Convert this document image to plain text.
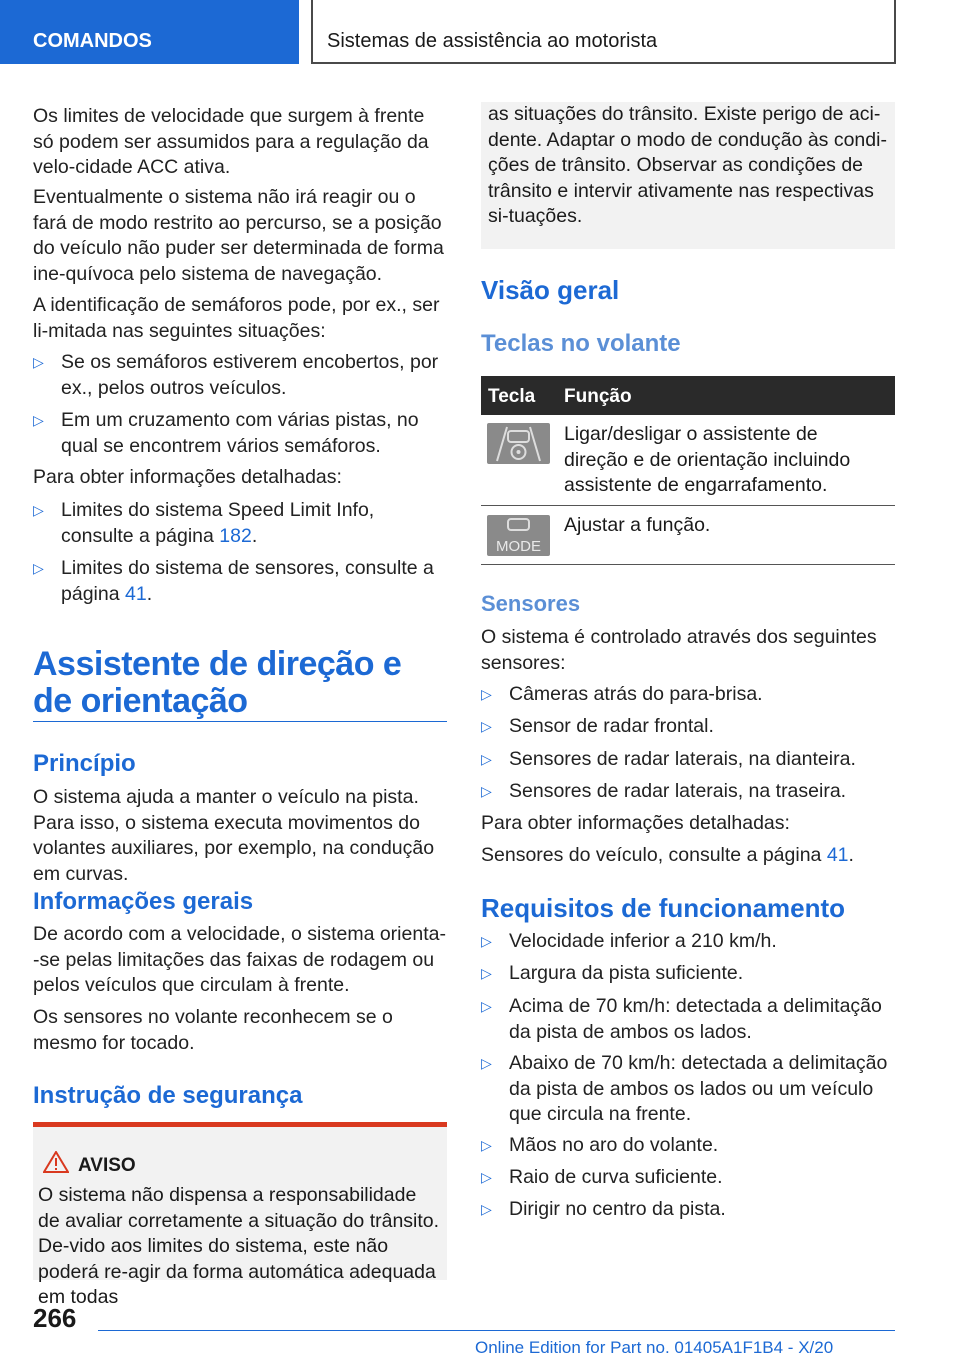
COMANDOS	Sistemas de assistência ao motorista
Os limites de velocidade que surgem à frente só podem ser assumidos para a regulação da velo-cidade ACC ativa.
Eventualmente o sistema não irá reagir ou o fará de modo restrito ao percurso, se a posição do veículo não puder ser determinada de forma ine-quívoca pelo sistema de navegação.
A identificação de semáforos pode, por ex., ser li-mitada nas seguintes situações:
▷ Se os semáforos estiverem encobertos, por ex., pelos outros veículos.
▷ Em um cruzamento com várias pistas, no qual se encontrem vários semáforos.
Para obter informações detalhadas:
▷ Limites do sistema Speed Limit Info, consulte a página 182.
▷ Limites do sistema de sensores, consulte a página 41.
Assistente de direção e de orientação
Princípio
O sistema ajuda a manter o veículo na pista. Para isso, o sistema executa movimentos do volantes auxiliares, por exemplo, na condução em curvas.
Informações gerais
De acordo com a velocidade, o sistema orienta--se pelas limitações das faixas de rodagem ou pelos veículos que circulam à frente.
Os sensores no volante reconhecem se o mesmo for tocado.
Instrução de segurança
AVISO
O sistema não dispensa a responsabilidade de avaliar corretamente a situação do trânsito. De-vido aos limites do sistema, este não poderá re-agir da forma automática adequada em todas
as situações do trânsito. Existe perigo de aci-dente. Adaptar o modo de condução às condi-ções de trânsito. Observar as condições de trânsito e intervir ativamente nas respectivas si-tuações.
Visão geral
Teclas no volante
Tecla Função
Ligar/desligar o assistente de direção e de orientação incluindo assistente de engarrafamento.
MODE
Ajustar a função.
Sensores
O sistema é controlado através dos seguintes sensores:
▷ Câmeras atrás do para-brisa.
▷ Sensor de radar frontal.
▷ Sensores de radar laterais, na dianteira.
▷ Sensores de radar laterais, na traseira.
Para obter informações detalhadas:
Sensores do veículo, consulte a página 41.
Requisitos de funcionamento
▷ Velocidade inferior a 210 km/h.
▷ Largura da pista suficiente.
▷ Acima de 70 km/h: detectada a delimitação da pista de ambos os lados.
▷ Abaixo de 70 km/h: detectada a delimitação da pista de ambos os lados ou um veículo que circula na frente.
▷ Mãos no aro do volante.
▷ Raio de curva suficiente.
▷ Dirigir no centro da pista.
266
Online Edition for Part no. 01405A1F1B4 - X/20
